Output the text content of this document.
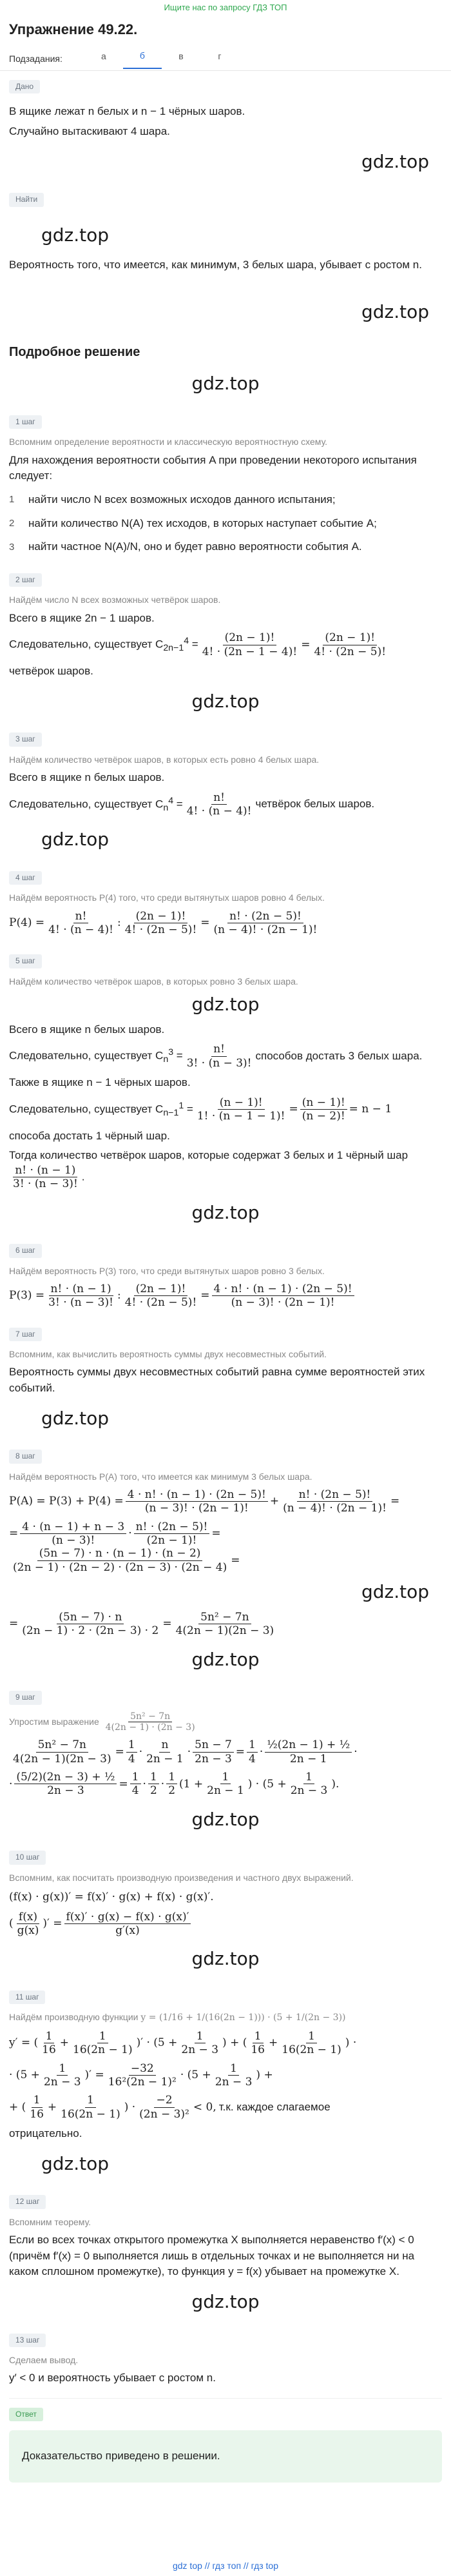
Ищите нас по запросу ГДЗ ТОП
Упражнение 49.22.
Подзадания:	а	б	в	г
Дано
В ящике лежат n белых и n − 1 чёрных шаров.
Случайно вытаскивают 4 шара.
gdz.top
Найти
gdz.top
Вероятность того, что имеется, как минимум, 3 белых шара, убывает с ростом n.
gdz.top
Подробное решение
gdz.top
1 шаг
Вспомним определение вероятности и классическую вероятностную схему.
Для нахождения вероятности события A при проведении некоторого испытания следует:
1	найти число N всех возможных исходов данного испытания;
2	найти количество N(A) тех исходов, в которых наступает событие A;
3	найти частное N(A)/N, оно и будет равно вероятности события A.
2 шаг
Найдём число N всех возможных четвёрок шаров.
Всего в ящике 2n − 1 шаров.
Следовательно, существует $C_{2n-1}^4 = \frac{(2n - 1)!}{4! \cdot (2n - 1 - 4)!} = \frac{(2n - 1)!}{4! \cdot (2n - 5)!}$
четвёрок шаров.
gdz.top
3 шаг
Найдём количество четвёрок шаров, в которых есть ровно 4 белых шара.
Всего в ящике n белых шаров.
Следовательно, существует $C_n^4 = \frac{n!}{4! \cdot (n - 4)!}$ четвёрок белых шаров.
gdz.top
4 шаг
Найдём вероятность P(4) того, что среди вытянутых шаров ровно 4 белых.
$P(4) = \frac{n!}{4! \cdot (n - 4)!}$ : $\frac{(2n - 1)!}{4! \cdot (2n - 5)!} = \frac{n! \cdot (2n - 5)!}{(n - 4)! \cdot (2n - 1)!}$
5 шаг
Найдём количество четвёрок шаров, в которых ровно 3 белых шара.
gdz.top
Всего в ящике n белых шаров.
Следовательно, существует $C_n^3 = \frac{n!}{3! \cdot (n - 3)!}$ способов достать 3 белых шара.
Также в ящике n − 1 чёрных шаров.
Следовательно, существует $C_{n-1}^1 = \frac{(n - 1)!}{1! \cdot (n - 1 - 1)!} = \frac{(n - 1)!}{(n - 2)!} = n - 1$
способа достать 1 чёрный шар.
Тогда количество четвёрок шаров, которые содержат 3 белых и 1 чёрный шар
$\frac{n! \cdot (n - 1)}{3! \cdot (n - 3)!}$ .
gdz.top
6 шаг
Найдём вероятность P(3) того, что среди вытянутых шаров ровно 3 белых.
$P(3) = \frac{n! \cdot (n - 1)}{3! \cdot (n - 3)!}$ : $\frac{(2n - 1)!}{4! \cdot (2n - 5)!} = \frac{4 \cdot n! \cdot (n - 1) \cdot (2n - 5)!}{(n - 3)! \cdot (2n - 1)!}$
7 шаг
Вспомним, как вычислить вероятность суммы двух несовместных событий.
Вероятность суммы двух несовместных событий равна сумме вероятностей этих событий.
gdz.top
8 шаг
Найдём вероятность P(A) того, что имеется как минимум 3 белых шара.
$P(A) = P(3) + P(4) = \frac{4 \cdot n! \cdot (n - 1) \cdot (2n - 5)!}{(n - 3)! \cdot (2n - 1)!} + \frac{n! \cdot (2n - 5)!}{(n - 4)! \cdot (2n - 1)!}$ =
= $\frac{4 \cdot (n - 1) + n - 3}{(n - 3)!} \cdot \frac{n! \cdot (2n - 5)!}{(2n - 1)!}$ =
$\frac{(5n - 7) \cdot n \cdot (n - 1) \cdot (n - 2)}{(2n - 1) \cdot (2n - 2) \cdot (2n - 3) \cdot (2n - 4)}$ =
gdz.top
= $\frac{(5n - 7) \cdot n}{(2n - 1) \cdot 2 \cdot (2n - 3) \cdot 2} = \frac{\text{5n² − 7n}}{4(2n - 1)(2n - 3)}$
gdz.top
9 шаг
Упростим выражение $\frac{\text{5n² − 7n}}{4(2n - 1) \cdot (2n - 3)}$
$\frac{\text{5n² − 7n}}{4(2n - 1)(2n - 3)} = \frac{1}{4} \cdot \frac{n}{2n - 1} \cdot \frac{5n - 7}{2n - 3} = \frac{1}{4} \cdot \frac{\text{½(2n − 1) + ½}}{2n - 1}$ ·
· $\frac{\text{(5/2)(2n − 3) + ½}}{2n - 3} = \frac{1}{4} \cdot \frac{1}{2} \cdot \frac{1}{2} (1 + \frac{1}{2n - 1}$ ) · ($5 + \frac{1}{2n - 3}$ ).
gdz.top
10 шаг
Вспомним, как посчитать производную произведения и частного двух выражений.
(f(x) · g(x))′ = f(x)′ · g(x) + f(x) · g(x)′.
( $\frac{f(x)}{g(x)}$ )′ = $\frac{f(x)' \cdot g(x) - f(x) \cdot g(x)'}{g'(x)}$
gdz.top
11 шаг
Найдём производную функции y = (1/16 + 1/(16(2n − 1))) · (5 + 1/(2n − 3))
y′ = ( $\frac{1}{16} + \frac{1}{16(2n - 1)}$ )′ · ($5 + \frac{1}{2n - 3}$ ) + ( $\frac{1}{16} + \frac{1}{16(2n - 1)}$ ) ·
· ($5 + \frac{1}{2n - 3}$ )′ = $\frac{-32}{\text{16²(2n − 1)²}} \cdot (5 + \frac{1}{2n - 3}$ ) +
+ ( $\frac{1}{16} + \frac{1}{16(2n - 1)}$ ) · $\frac{-2}{\text{(2n − 3)²}} < 0$, т.к. каждое слагаемое
отрицательно.
gdz.top
12 шаг
Вспомним теорему.
Если во всех точках открытого промежутка X выполняется неравенство f′(x) < 0 (причём f′(x) = 0 выполняется лишь в отдельных точках и не выполняется ни на каком сплошном промежутке), то функция y = f(x) убывает на промежутке X.
gdz.top
13 шаг
Сделаем вывод.
y′ < 0 и вероятность убывает с ростом n.
Ответ
Доказательство приведено в решении.
gdz top // гдз топ // гдз top
